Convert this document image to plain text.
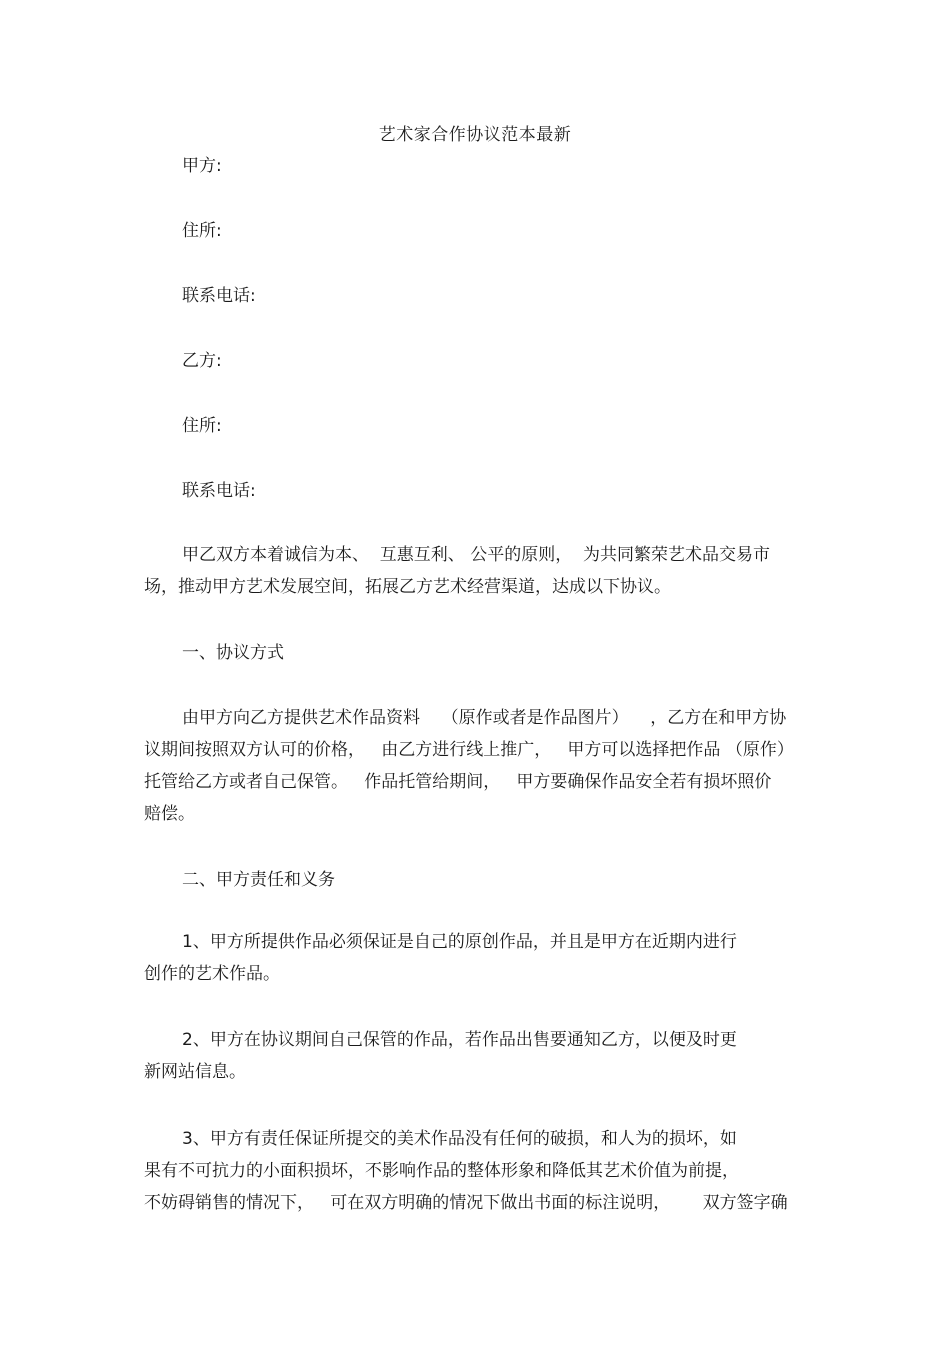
艺术家合作协议范本最新
甲方:
住所:
联系电话:
乙方:
住所:
联系电话:
甲乙双方本着诚信为本、  互惠互利、 公平的原则，  为共同繁荣艺术品交易市
场，推动甲方艺术发展空间，拓展乙方艺术经营渠道，达成以下协议。
一、协议方式
由甲方向乙方提供艺术作品资料    （原作或者是作品图片）    ，乙方在和甲方协
议期间按照双方认可的价格，   由乙方进行线上推广，   甲方可以选择把作品 （原作）
托管给乙方或者自己保管。   作品托管给期间，   甲方要确保作品安全若有损坏照价
赔偿。
二、甲方责任和义务
1、甲方所提供作品必须保证是自己的原创作品，并且是甲方在近期内进行
创作的艺术作品。
2、甲方在协议期间自己保管的作品，若作品出售要通知乙方，以便及时更
新网站信息。
3、甲方有责任保证所提交的美术作品没有任何的破损，和人为的损坏，如
果有不可抗力的小面积损坏，不影响作品的整体形象和降低其艺术价值为前提，
不妨碍销售的情况下，   可在双方明确的情况下做出书面的标注说明，      双方签字确
